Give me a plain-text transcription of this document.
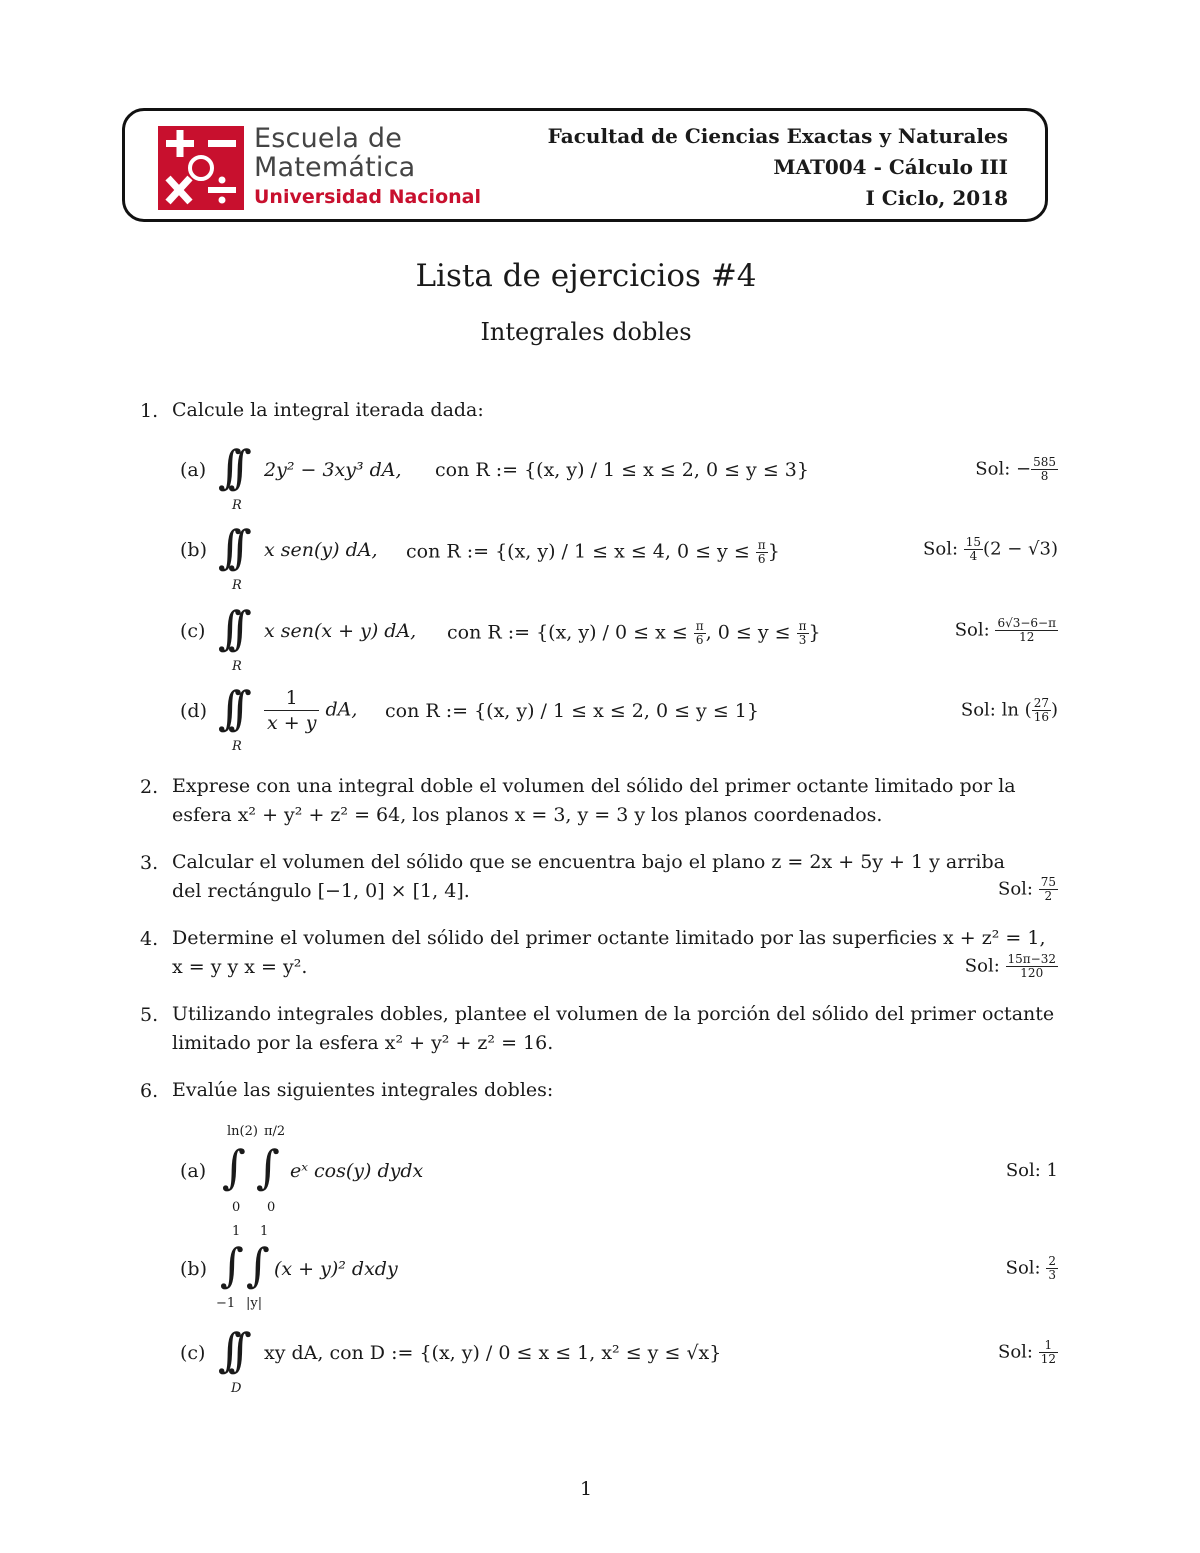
Escuela de
Matemática
Universidad Nacional
Facultad de Ciencias Exactas y Naturales
MAT004 - Cálculo III
I Ciclo, 2018
Lista de ejercicios #4
Integrales dobles
1. Calcule la integral iterada dada:
(a) ∫∫
R
2y² − 3xy³ dA, con R := {(x, y) / 1 ≤ x ≤ 2, 0 ≤ y ≤ 3}	Sol: − $\frac{585}{8}$
(b) ∫∫
R
x sen(y) dA, con R := {(x, y) / 1 ≤ x ≤ 4, $0 \le y \le \frac{\pi}{6}$ }	Sol: $\frac{15}{4} (2 - √3)$
(c) ∫∫
R
x sen(x + y) dA, con R := {(x, $y) / 0 \le x \le \frac{\pi}{6}$ , $0 \le y \le \frac{\pi}{3}$ }	Sol: $\frac{6√3-6-\pi}{12}$
(d) ∫∫
R
$\frac{1}{x + y}$ dA, con R := {(x, y) / 1 ≤ x ≤ 2, 0 ≤ y ≤ 1}	Sol: ln ( $\frac{27}{16}$ )
2. Exprese con una integral doble el volumen del sólido del primer octante limitado por la
esfera x² + y² + z² = 64, los planos x = 3, y = 3 y los planos coordenados.
3. Calcular el volumen del sólido que se encuentra bajo el plano z = 2x + 5y + 1 y arriba
del rectángulo [−1, 0] × [1, 4].	Sol: $\frac{75}{2}$
4. Determine el volumen del sólido del primer octante limitado por las superficies x + z² = 1,
x = y y x = y².	Sol: $\frac{15\pi-32}{120}$
5. Utilizando integrales dobles, plantee el volumen de la porción del sólido del primer octante
limitado por la esfera x² + y² + z² = 16.
6. Evalúe las siguientes integrales dobles:
(a)
ln(2) π/2
∫∫
0 0
eˣ cos(y) dydx	Sol: 1
(b)
1 1
∫∫
−1 |y|
(x + y)² dxdy	Sol: $\frac{2}{3}$
(c) ∫∫
D
xy dA, con D := {(x, y) / 0 ≤ x ≤ 1, x² ≤ y ≤ √x}	Sol: $\frac{1}{12}$
1
